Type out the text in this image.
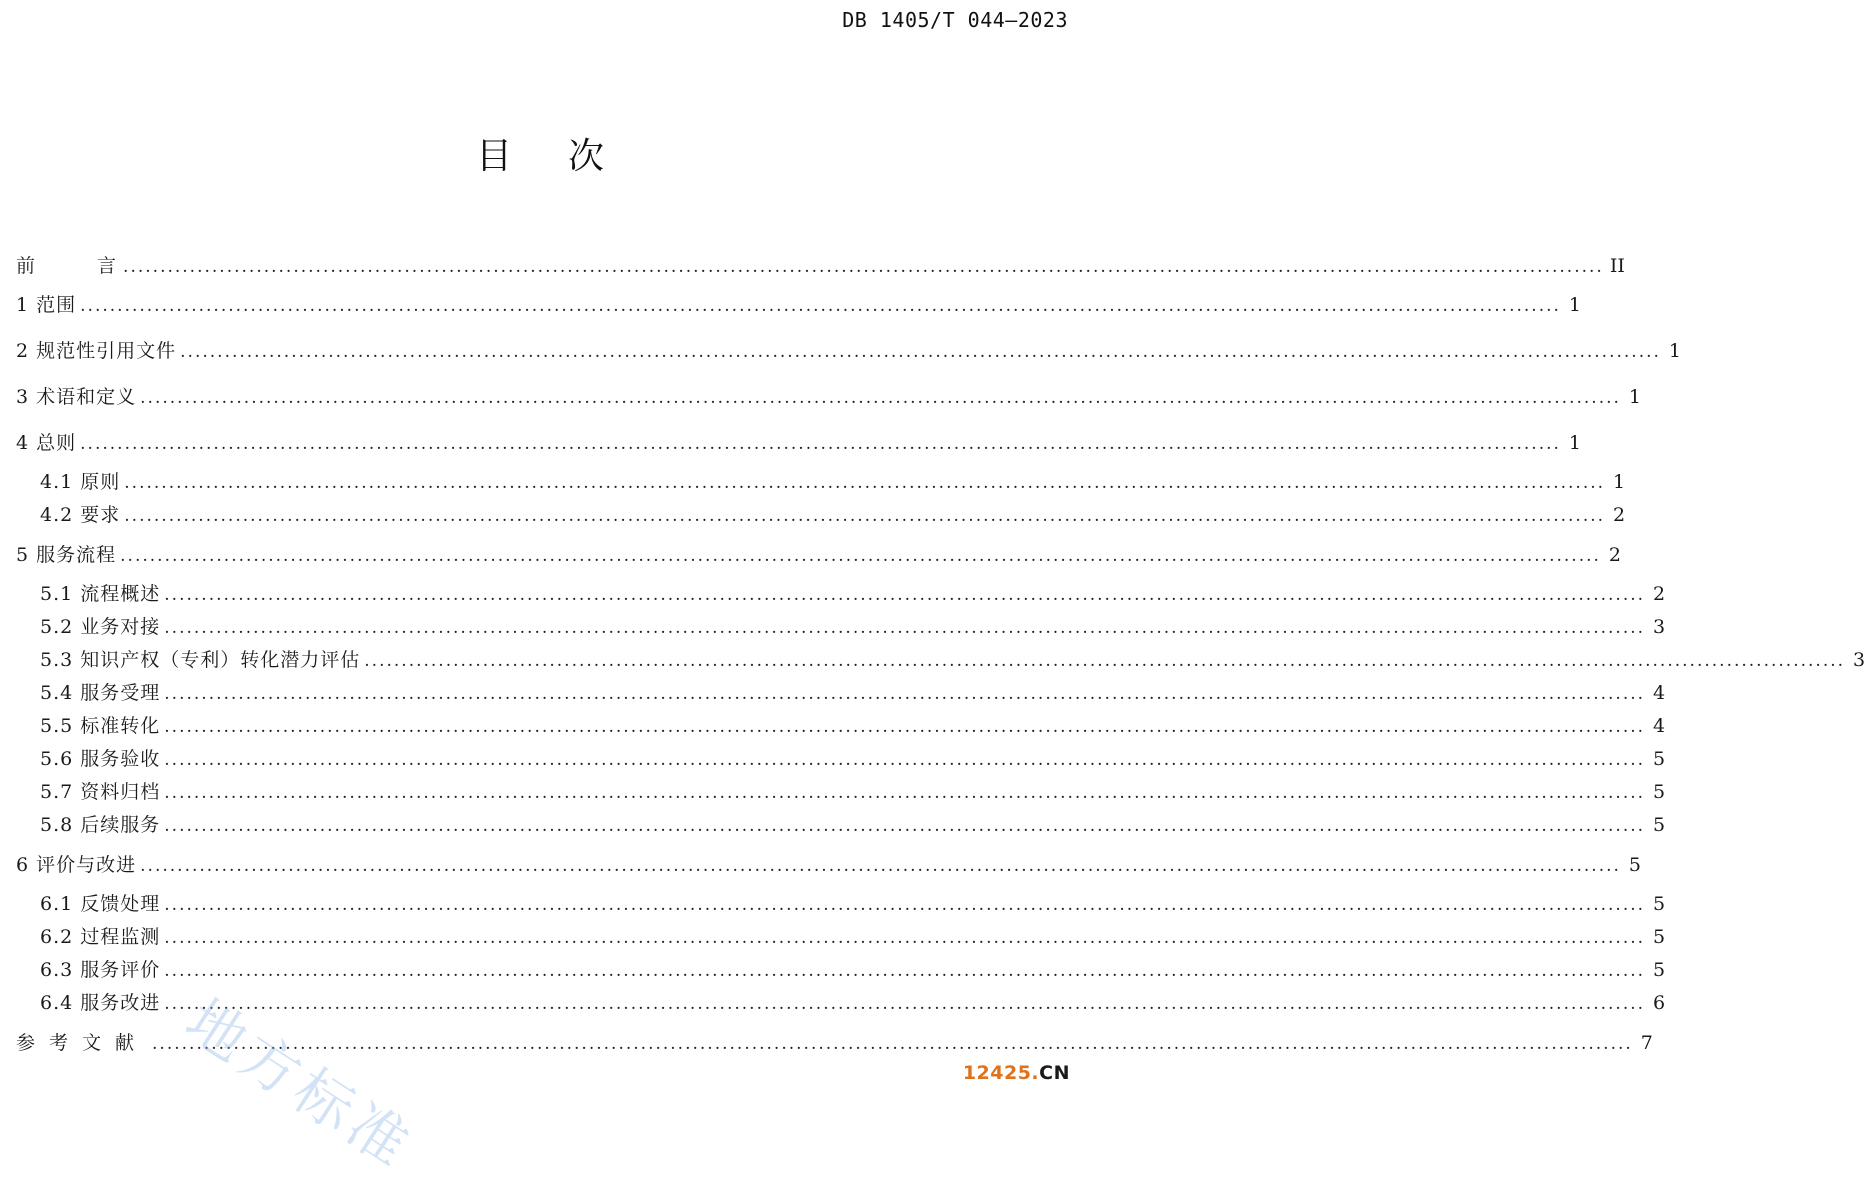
DB 1405/T 044—2023
目次
前 言 ........................................................................................................................................................................................................ II
1 范围 ........................................................................................................................................................................................................ 1
2 规范性引用文件 ........................................................................................................................................................................................................ 1
3 术语和定义 ........................................................................................................................................................................................................ 1
4 总则 ........................................................................................................................................................................................................ 1
4.1 原则 ........................................................................................................................................................................................................ 1
4.2 要求 ........................................................................................................................................................................................................ 2
5 服务流程 ........................................................................................................................................................................................................ 2
5.1 流程概述 ........................................................................................................................................................................................................ 2
5.2 业务对接 ........................................................................................................................................................................................................ 3
5.3 知识产权（专利）转化潜力评估 ........................................................................................................................................................................................................ 3
5.4 服务受理 ........................................................................................................................................................................................................ 4
5.5 标准转化 ........................................................................................................................................................................................................ 4
5.6 服务验收 ........................................................................................................................................................................................................ 5
5.7 资料归档 ........................................................................................................................................................................................................ 5
5.8 后续服务 ........................................................................................................................................................................................................ 5
6 评价与改进 ........................................................................................................................................................................................................ 5
6.1 反馈处理 ........................................................................................................................................................................................................ 5
6.2 过程监测 ........................................................................................................................................................................................................ 5
6.3 服务评价 ........................................................................................................................................................................................................ 5
6.4 服务改进 ........................................................................................................................................................................................................ 6
参考文献 ........................................................................................................................................................................................................ 7
地方标准	12425.CN
